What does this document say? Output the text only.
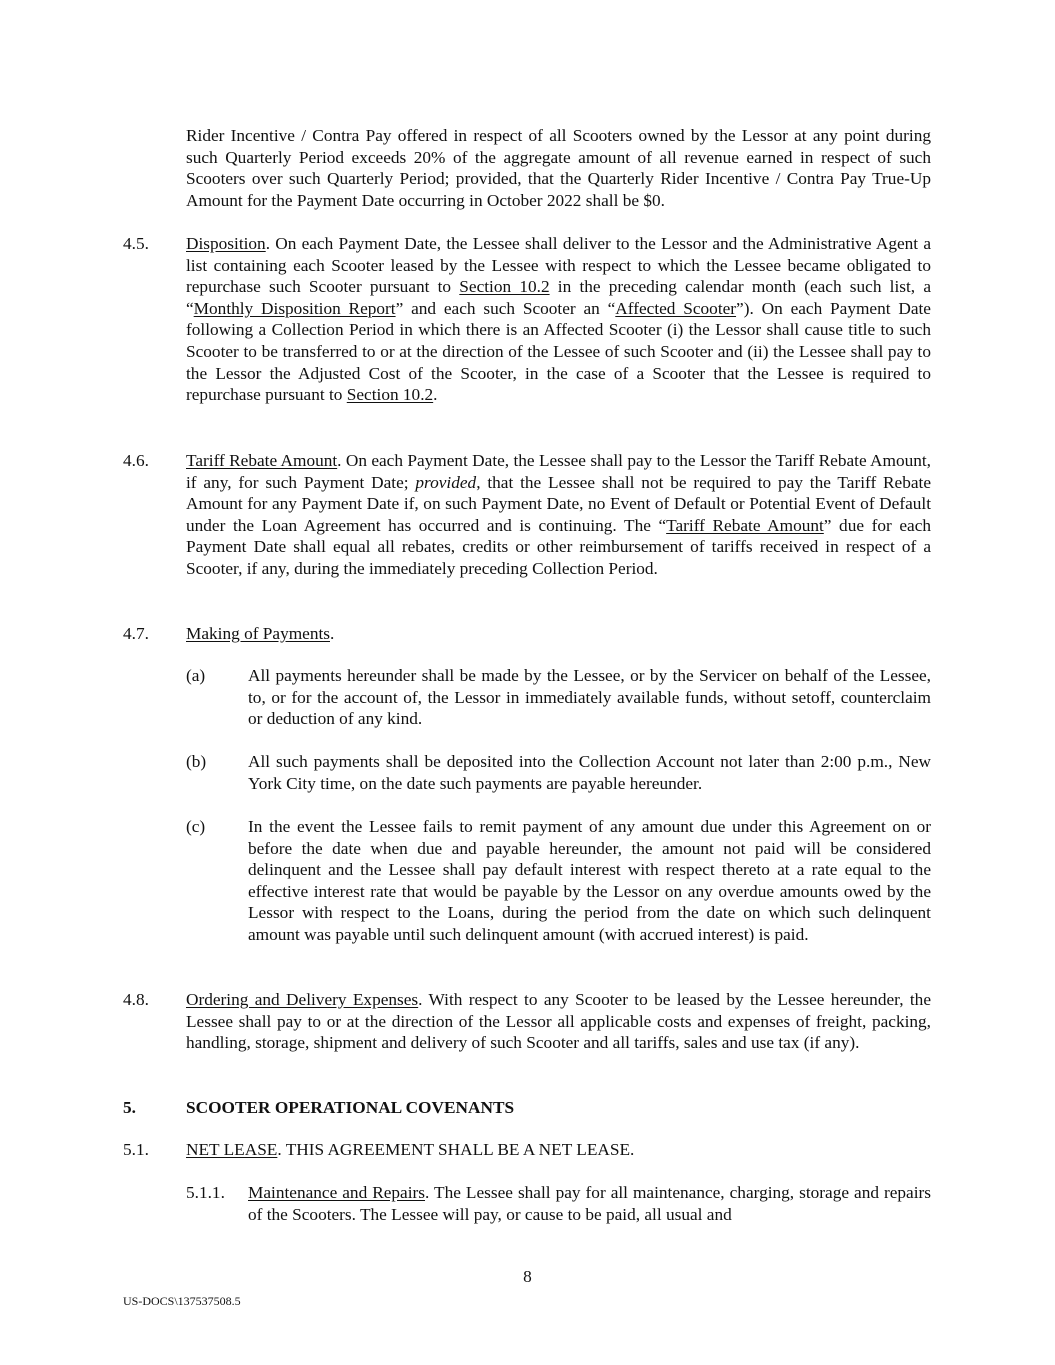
Rider Incentive / Contra Pay offered in respect of all Scooters owned by the Lessor at any point during such Quarterly Period exceeds 20% of the aggregate amount of all revenue earned in respect of such Scooters over such Quarterly Period; provided, that the Quarterly Rider Incentive / Contra Pay True-Up Amount for the Payment Date occurring in October 2022 shall be $0.
4.5. Disposition. On each Payment Date, the Lessee shall deliver to the Lessor and the Administrative Agent a list containing each Scooter leased by the Lessee with respect to which the Lessee became obligated to repurchase such Scooter pursuant to Section 10.2 in the preceding calendar month (each such list, a “Monthly Disposition Report” and each such Scooter an “Affected Scooter”). On each Payment Date following a Collection Period in which there is an Affected Scooter (i) the Lessor shall cause title to such Scooter to be transferred to or at the direction of the Lessee of such Scooter and (ii) the Lessee shall pay to the Lessor the Adjusted Cost of the Scooter, in the case of a Scooter that the Lessee is required to repurchase pursuant to Section 10.2.
4.6. Tariff Rebate Amount. On each Payment Date, the Lessee shall pay to the Lessor the Tariff Rebate Amount, if any, for such Payment Date; provided, that the Lessee shall not be required to pay the Tariff Rebate Amount for any Payment Date if, on such Payment Date, no Event of Default or Potential Event of Default under the Loan Agreement has occurred and is continuing. The “Tariff Rebate Amount” due for each Payment Date shall equal all rebates, credits or other reimbursement of tariffs received in respect of a Scooter, if any, during the immediately preceding Collection Period.
4.7. Making of Payments.
(a) All payments hereunder shall be made by the Lessee, or by the Servicer on behalf of the Lessee, to, or for the account of, the Lessor in immediately available funds, without setoff, counterclaim or deduction of any kind.
(b) All such payments shall be deposited into the Collection Account not later than 2:00 p.m., New York City time, on the date such payments are payable hereunder.
(c) In the event the Lessee fails to remit payment of any amount due under this Agreement on or before the date when due and payable hereunder, the amount not paid will be considered delinquent and the Lessee shall pay default interest with respect thereto at a rate equal to the effective interest rate that would be payable by the Lessor on any overdue amounts owed by the Lessor with respect to the Loans, during the period from the date on which such delinquent amount was payable until such delinquent amount (with accrued interest) is paid.
4.8. Ordering and Delivery Expenses. With respect to any Scooter to be leased by the Lessee hereunder, the Lessee shall pay to or at the direction of the Lessor all applicable costs and expenses of freight, packing, handling, storage, shipment and delivery of such Scooter and all tariffs, sales and use tax (if any).
5.	SCOOTER OPERATIONAL COVENANTS
5.1. NET LEASE. THIS AGREEMENT SHALL BE A NET LEASE.
5.1.1. Maintenance and Repairs. The Lessee shall pay for all maintenance, charging, storage and repairs of the Scooters. The Lessee will pay, or cause to be paid, all usual and
8
US-DOCS\137537508.5
